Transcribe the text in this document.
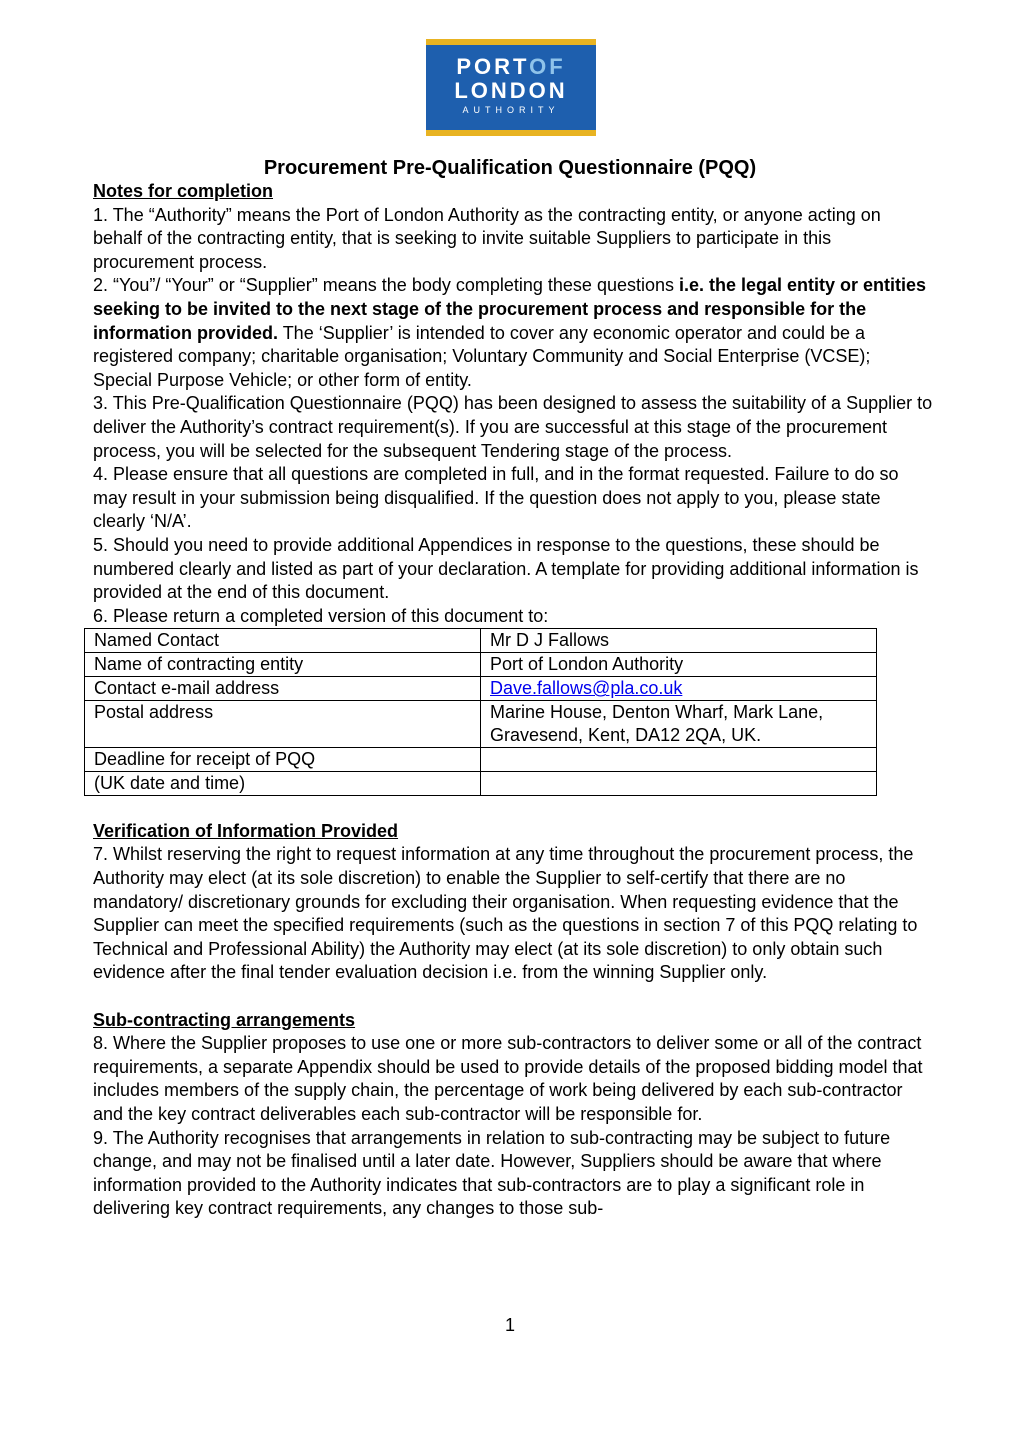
PORTOF
LONDON
AUTHORITY
Procurement Pre-Qualification Questionnaire (PQQ)

Notes for completion

1. The “Authority” means the Port of London Authority as the contracting entity, or anyone acting on behalf of the contracting entity, that is seeking to invite suitable Suppliers to participate in this procurement process.

2. “You”/ “Your” or “Supplier” means the body completing these questions i.e. the legal entity or entities seeking to be invited to the next stage of the procurement process and responsible for the information provided. The ‘Supplier’ is intended to cover any economic operator and could be a registered company; charitable organisation; Voluntary Community and Social Enterprise (VCSE); Special Purpose Vehicle; or other form of entity.

3. This Pre-Qualification Questionnaire (PQQ) has been designed to assess the suitability of a Supplier to deliver the Authority’s contract requirement(s). If you are successful at this stage of the procurement process, you will be selected for the subsequent Tendering stage of the process.

4. Please ensure that all questions are completed in full, and in the format requested. Failure to do so may result in your submission being disqualified. If the question does not apply to you, please state clearly ‘N/A’.

5. Should you need to provide additional Appendices in response to the questions, these should be numbered clearly and listed as part of your declaration. A template for providing additional information is provided at the end of this document.

6. Please return a completed version of this document to:

Named Contact	Mr D J Fallows
Name of contracting entity	Port of London Authority
Contact e-mail address	Dave.fallows@pla.co.uk
Postal address	Marine House, Denton Wharf, Mark Lane, Gravesend, Kent, DA12 2QA, UK.
Deadline for receipt of PQQ	
(UK date and time)	

Verification of Information Provided

7. Whilst reserving the right to request information at any time throughout the procurement process, the Authority may elect (at its sole discretion) to enable the Supplier to self-certify that there are no mandatory/ discretionary grounds for excluding their organisation. When requesting evidence that the Supplier can meet the specified requirements (such as the questions in section 7 of this PQQ relating to Technical and Professional Ability) the Authority may elect (at its sole discretion) to only obtain such evidence after the final tender evaluation decision i.e. from the winning Supplier only.

Sub-contracting arrangements

8. Where the Supplier proposes to use one or more sub-contractors to deliver some or all of the contract requirements, a separate Appendix should be used to provide details of the proposed bidding model that includes members of the supply chain, the percentage of work being delivered by each sub-contractor and the key contract deliverables each sub-contractor will be responsible for.

9. The Authority recognises that arrangements in relation to sub-contracting may be subject to future change, and may not be finalised until a later date. However, Suppliers should be aware that where information provided to the Authority indicates that sub-contractors are to play a significant role in delivering key contract requirements, any changes to those sub-

1
